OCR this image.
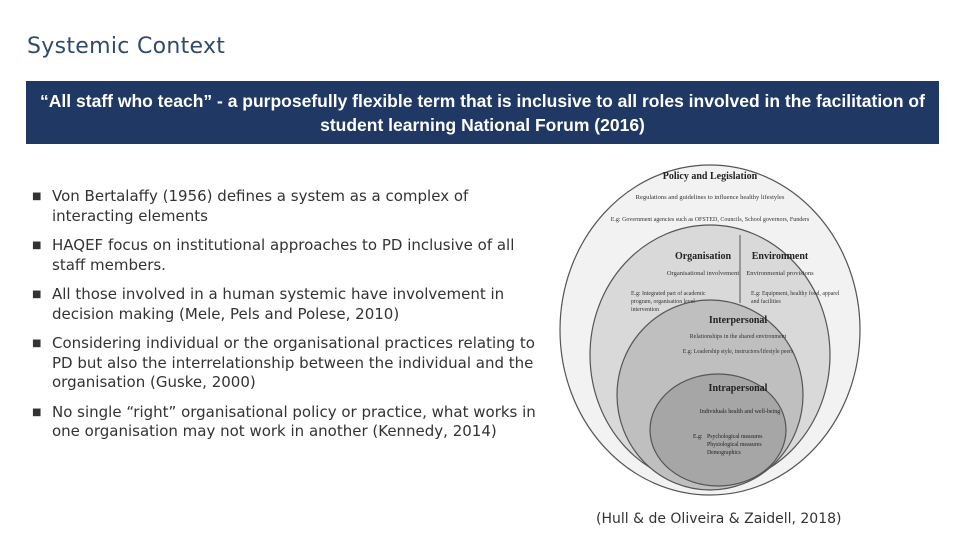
Systemic Context
“All staff who teach” - a purposefully flexible term that is inclusive to all roles involved in the facilitation of student learning National Forum (2016)
■ Von Bertalaffy (1956) defines a system as a complex of interacting elements
■ HAQEF focus on institutional approaches to PD inclusive of all staff members.
■ All those involved in a human systemic have involvement in decision making (Mele, Pels and Polese, 2010)
■ Considering individual or the organisational practices relating to PD but also the interrelationship between the individual and the organisation (Guske, 2000)
■ No single “right” organisational policy or practice, what works in one organisation may not work in another (Kennedy, 2014)
Policy and Legislation
Regulations and guidelines to influence healthy lifestyles
E.g: Government agencies such as OFSTED, Councils, School governors, Funders
Organisation
Organisational involvement
E.g: Integrated part of academic
program, organisation level
intervention
Environment
Environmental provisions
E.g: Equipment, healthy food, apparel
and facilities
Interpersonal
Relationships in the shared environment
E.g: Leadership style, instructors/lifestyle peers
Intrapersonal
Individuals health and well-being
E.g: Psychological measures
Physiological measures
Demographics
(Hull & de Oliveira & Zaidell, 2018)
